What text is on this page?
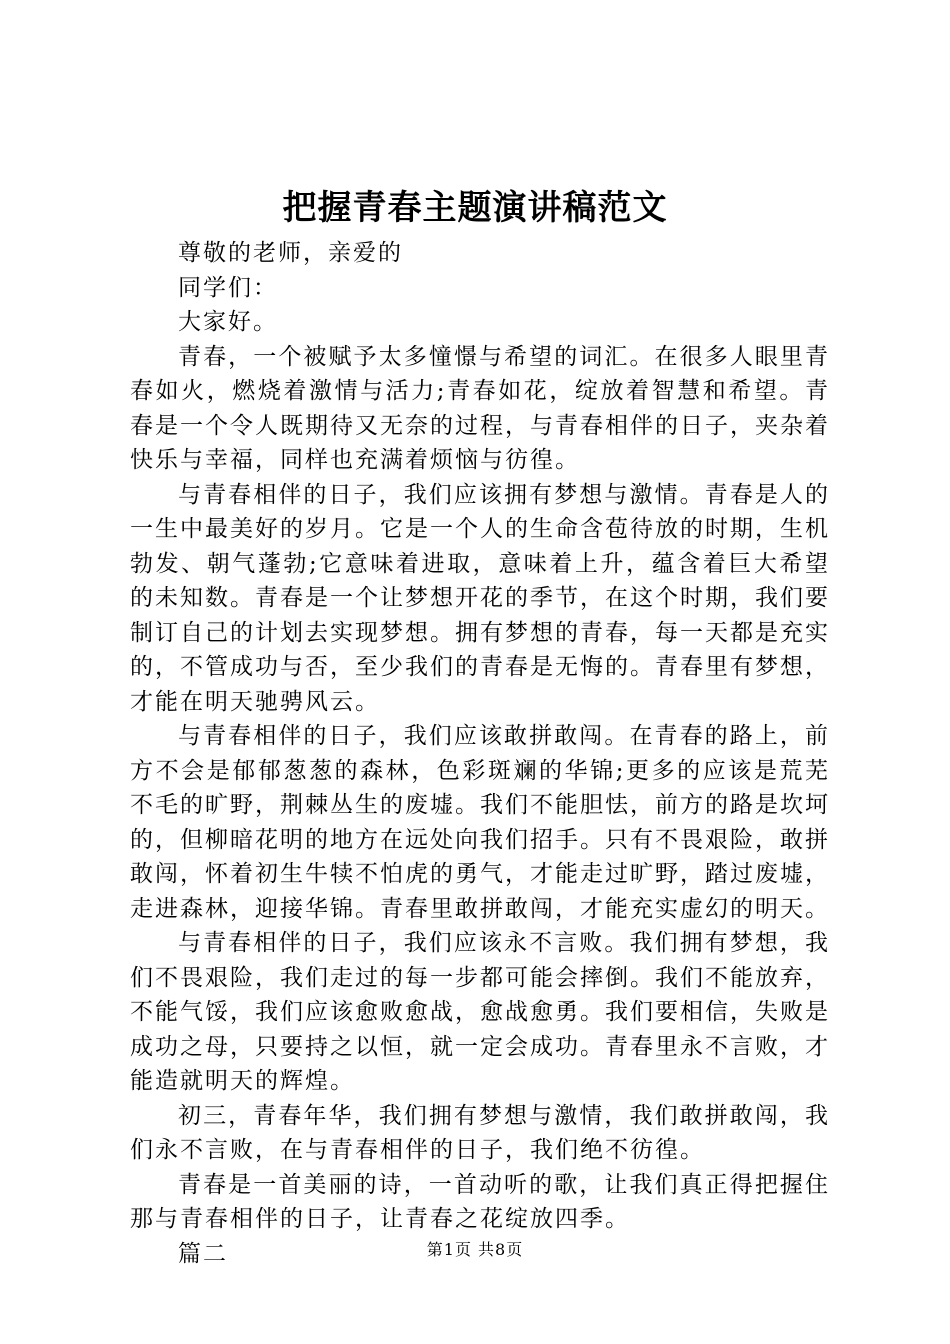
把握青春主题演讲稿范文

尊敬的老师，亲爱的

同学们：

大家好。

青春，一个被赋予太多憧憬与希望的词汇。在很多人眼里青春如火，燃烧着激情与活力;青春如花，绽放着智慧和希望。青春是一个令人既期待又无奈的过程，与青春相伴的日子，夹杂着快乐与幸福，同样也充满着烦恼与彷徨。

与青春相伴的日子，我们应该拥有梦想与激情。青春是人的一生中最美好的岁月。它是一个人的生命含苞待放的时期，生机勃发、朝气蓬勃;它意味着进取，意味着上升，蕴含着巨大希望的未知数。青春是一个让梦想开花的季节，在这个时期，我们要制订自己的计划去实现梦想。拥有梦想的青春，每一天都是充实的，不管成功与否，至少我们的青春是无悔的。青春里有梦想，才能在明天驰骋风云。

与青春相伴的日子，我们应该敢拼敢闯。在青春的路上，前方不会是郁郁葱葱的森林，色彩斑斓的华锦;更多的应该是荒芜不毛的旷野，荆棘丛生的废墟。我们不能胆怯，前方的路是坎坷的，但柳暗花明的地方在远处向我们招手。只有不畏艰险，敢拼敢闯，怀着初生牛犊不怕虎的勇气，才能走过旷野，踏过废墟，走进森林，迎接华锦。青春里敢拼敢闯，才能充实虚幻的明天。

与青春相伴的日子，我们应该永不言败。我们拥有梦想，我们不畏艰险，我们走过的每一步都可能会摔倒。我们不能放弃，不能气馁，我们应该愈败愈战，愈战愈勇。我们要相信，失败是成功之母，只要持之以恒，就一定会成功。青春里永不言败，才能造就明天的辉煌。

初三，青春年华，我们拥有梦想与激情，我们敢拼敢闯，我们永不言败，在与青春相伴的日子，我们绝不彷徨。

青春是一首美丽的诗，一首动听的歌，让我们真正得把握住那与青春相伴的日子，让青春之花绽放四季。

篇二	第1页 共8页
